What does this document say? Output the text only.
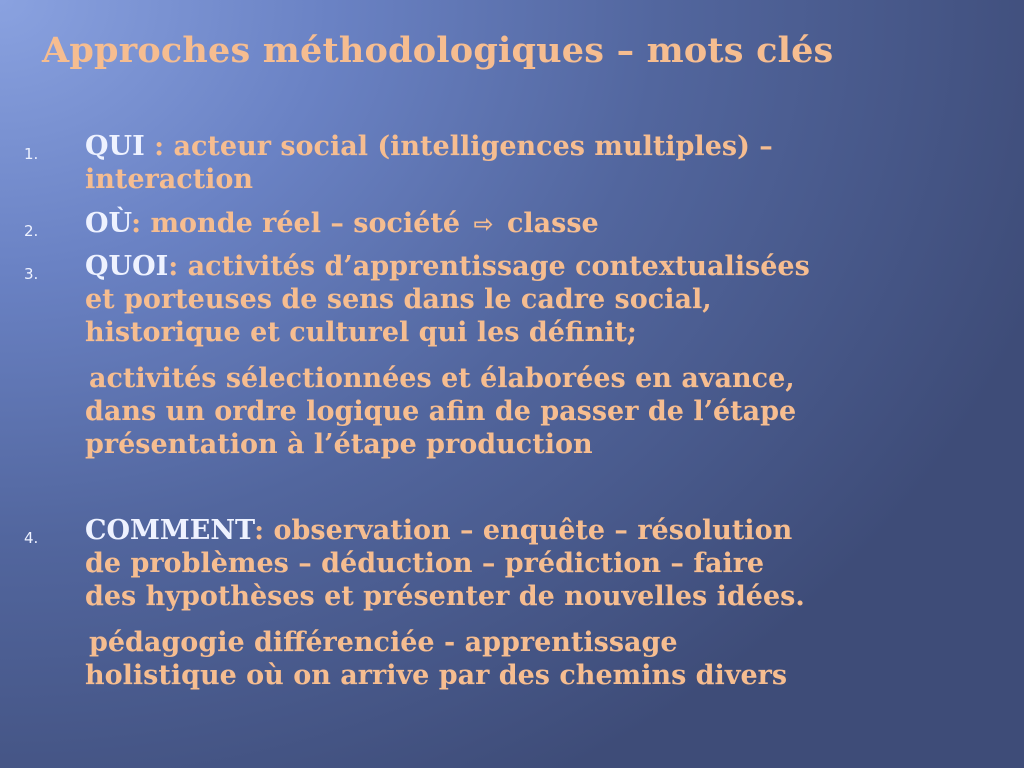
Approches méthodologiques – mots clés
1. QUI : acteur social (intelligences multiples) –
interaction
2. OÙ: monde réel – société ⇨ classe
3. QUOI: activités d’apprentissage contextualisées
et porteuses de sens dans le cadre social,
historique et culturel qui les définit;
activités sélectionnées et élaborées en avance,
dans un ordre logique afin de passer de l’étape
présentation à l’étape production
4. COMMENT: observation – enquête – résolution
de problèmes – déduction – prédiction – faire
des hypothèses et présenter de nouvelles idées.
pédagogie différenciée - apprentissage
holistique où on arrive par des chemins divers
